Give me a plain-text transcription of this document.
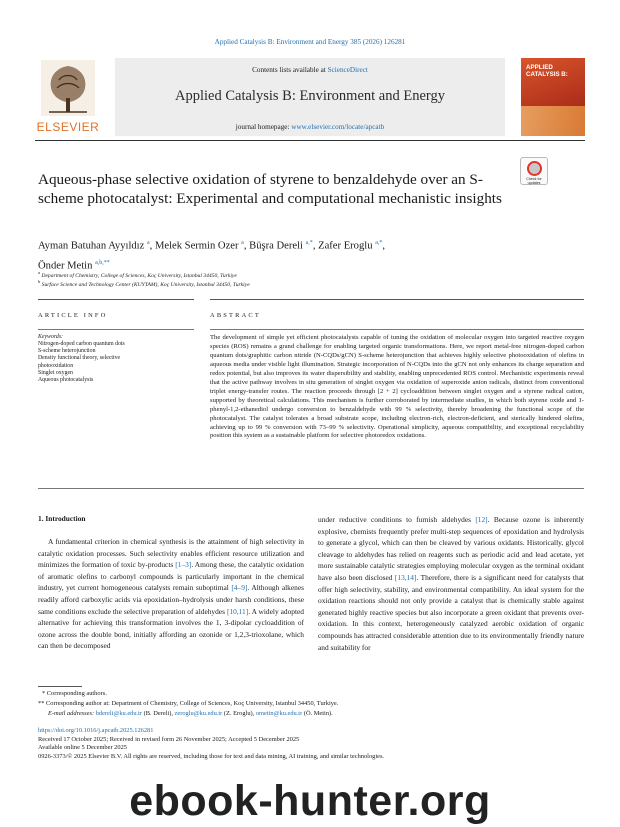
Applied Catalysis B: Environment and Energy 385 (2026) 126281
ELSEVIER
Contents lists available at ScienceDirect
Applied Catalysis B: Environment and Energy
journal homepage: www.elsevier.com/locate/apcatb
APPLIED CATALYSIS B:
Aqueous-phase selective oxidation of styrene to benzaldehyde over an S-scheme photocatalyst: Experimental and computational mechanistic insights
Check for updates
Ayman Batuhan Ayyıldız $^a$, Melek Sermin Ozer $^a$, Büşra Dereli $^{a,*}$, Zafer Eroglu $^{a,*}$,
Önder Metin $^{a,b,**}$
$^a$ Department of Chemistry, College of Sciences, Koç University, Istanbul 34450, Turkiye
$^b$ Surface Science and Technology Center (KUYTAM), Koç University, Istanbul 34450, Turkiye
ARTICLE INFO	ABSTRACT
Keywords:
Nitrogen-doped carbon quantum dots
S-scheme heterojunction
Density functional theory, selective
photooxidation
Singlet oxygen
Aqueous photocatalysis

The development of simple yet efficient photocatalysts capable of tuning the oxidation of molecular oxygen into targeted reactive oxygen species (ROS) remains a grand challenge for enabling targeted organic transformations. Here, we report metal-free nitrogen-doped carbon quantum dots/graphitic carbon nitride (N-CQDs/gCN) S-scheme heterojunction that achieves highly selective photooxidation of olefins in aqueous media under visible light illumination. Strategic incorporation of N-CQDs into the gCN not only enhances its charge separation and redox potential, but also improves its water dispersibility and stability, enabling unprecedented ROS control. Mechanistic experiments reveal that the active pathway involves in situ generation of singlet oxygen via oxidation of superoxide anion radicals, distinct from conventional triplet energy-transfer routes. The reaction proceeds through [2 + 2] cycloaddition between singlet oxygen and a styrene radical cation, supported by theoretical calculations. This mechanism is further corroborated by intermediate studies, in which both styrene oxide and 1-phenyl-1,2-ethanediol undergo conversion to benzaldehyde with 99 % selectivity, thereby broadening the functional scope of the photocatalyst. The catalyst tolerates a broad substrate scope, including electron-rich, electron-deficient, and sterically hindered olefins, achieving up to 99 % conversion with 73–99 % selectivity. Operational simplicity, aqueous compatibility, and exceptional recyclability position this system as a sustainable platform for selective photoredox oxidations.

1. Introduction

A fundamental criterion in chemical synthesis is the attainment of high selectivity in catalytic oxidation processes. Such selectivity enables efficient resource utilization and minimizes the formation of toxic by-products [1–3]. Among these, the catalytic oxidation of aromatic olefins to carbonyl compounds is particularly important in the chemical industry, yet current homogeneous catalysts remain suboptimal [4–9]. Although alkenes readily afford carboxylic acids via epoxidation–hydrolysis under harsh conditions, these same conditions exclude the selective preparation of aldehydes [10,11]. A widely adopted alternative for achieving this transformation involves the 1, 3-dipolar cycloaddition of ozone across the double bond, initially affording an ozonide or 1,2,3-trioxolane, which can then be decomposed

under reductive conditions to furnish aldehydes [12]. Because ozone is inherently explosive, chemists frequently prefer multi-step sequences of epoxidation and hydrolysis to generate a glycol, which can then be cleaved by various oxidants. Historically, glycol cleavage to aldehydes has relied on reagents such as periodic acid and lead acetate, yet more sustainable catalytic strategies employing molecular oxygen as the terminal oxidant have also been disclosed [13,14]. Therefore, there is a significant need for catalysts that offer high selectivity, stability, and environmental compatibility. An ideal system for the oxidation reactions should not only provide a catalyst that is chemically stable against generated highly reactive species but also incorporate a green oxidant that prevents over-oxidation. In this context, heterogeneously catalyzed aerobic oxidation of organic compounds has attracted considerable attention due to its environmentally friendly nature and suitability for

* Corresponding authors.
** Corresponding author at: Department of Chemistry, College of Sciences, Koç University, Istanbul 34450, Turkiye.
E-mail addresses: bdereli@ku.edu.tr (B. Dereli), zeroglu@ku.edu.tr (Z. Eroglu), ometin@ku.edu.tr (Ö. Metin).
https://doi.org/10.1016/j.apcatb.2025.126281
Received 17 October 2025; Received in revised form 26 November 2025; Accepted 5 December 2025
Available online 5 December 2025
0926-3373/© 2025 Elsevier B.V. All rights are reserved, including those for text and data mining, AI training, and similar technologies.
ebook-hunter.org
